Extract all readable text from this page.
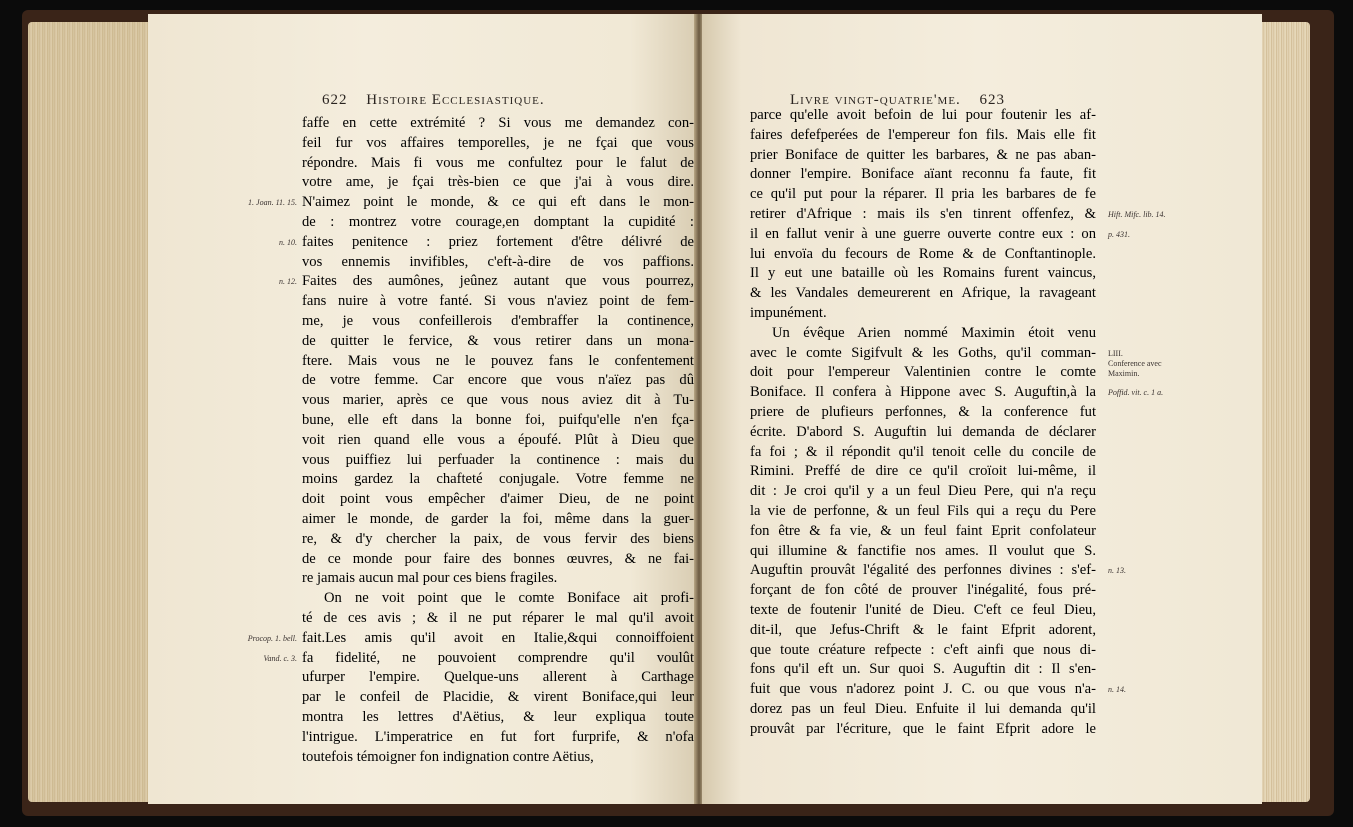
622 Histoire Ecclesiastique.	Livre vingt-quatrie'me. 623
faffe en cette extrémité ? Si vous me demandez con-
feil fur vos affaires temporelles, je ne fçai que vous
répondre. Mais fi vous me confultez pour le falut de
votre ame, je fçai très-bien ce que j'ai à vous dire.
N'aimez point le monde, & ce qui eft dans le mon-
de : montrez votre courage,en domptant la cupidité :
faites penitence : priez fortement d'être délivré de
vos ennemis invifibles, c'eft-à-dire de vos paffions.
Faites des aumônes, jeûnez autant que vous pourrez,
fans nuire à votre fanté. Si vous n'aviez point de fem-
me, je vous confeillerois d'embraffer la continence,
de quitter le fervice, & vous retirer dans un mona-
ftere. Mais vous ne le pouvez fans le confentement
de votre femme. Car encore que vous n'aïez pas dû
vous marier, après ce que vous nous aviez dit à Tu-
bune, elle eft dans la bonne foi, puifqu'elle n'en fça-
voit rien quand elle vous a époufé. Plût à Dieu que
vous puiffiez lui perfuader la continence : mais du
moins gardez la chafteté conjugale. Votre femme ne
doit point vous empêcher d'aimer Dieu, de ne point
aimer le monde, de garder la foi, même dans la guer-
re, & d'y chercher la paix, de vous fervir des biens
de ce monde pour faire des bonnes œuvres, & ne fai-
re jamais aucun mal pour ces biens fragiles.
On ne voit point que le comte Boniface ait profi-
té de ces avis ; & il ne put réparer le mal qu'il avoit
fait.Les amis qu'il avoit en Italie,&qui connoiffoient
fa fidelité, ne pouvoient comprendre qu'il voulût
ufurper l'empire. Quelque-uns allerent à Carthage
par le confeil de Placidie, & virent Boniface,qui leur
montra les lettres d'Aëtius, & leur expliqua toute
l'intrigue. L'imperatrice en fut fort furprife, & n'ofa
toutefois témoigner fon indignation contre Aëtius,
parce qu'elle avoit befoin de lui pour foutenir les af-
faires defefperées de l'empereur fon fils. Mais elle fit
prier Boniface de quitter les barbares, & ne pas aban-
donner l'empire. Boniface aïant reconnu fa faute, fit
ce qu'il put pour la réparer. Il pria les barbares de fe
retirer d'Afrique : mais ils s'en tinrent offenfez, &
il en fallut venir à une guerre ouverte contre eux : on
lui envoïa du fecours de Rome & de Conftantinople.
Il y eut une bataille où les Romains furent vaincus,
& les Vandales demeurerent en Afrique, la ravageant
impunément.
Un évêque Arien nommé Maximin étoit venu
avec le comte Sigifvult & les Goths, qu'il comman-
doit pour l'empereur Valentinien contre le comte
Boniface. Il confera à Hippone avec S. Auguftin,à la
priere de plufieurs perfonnes, & la conference fut
écrite. D'abord S. Auguftin lui demanda de déclarer
fa foi ; & il répondit qu'il tenoit celle du concile de
Rimini. Preffé de dire ce qu'il croïoit lui-même, il
dit : Je croi qu'il y a un feul Dieu Pere, qui n'a reçu
la vie de perfonne, & un feul Fils qui a reçu du Pere
fon être & fa vie, & un feul faint Eprit confolateur
qui illumine & fanctifie nos ames. Il voulut que S.
Auguftin prouvât l'égalité des perfonnes divines : s'ef-
forçant de fon côté de prouver l'inégalité, fous pré-
texte de foutenir l'unité de Dieu. C'eft ce feul Dieu,
dit-il, que Jefus-Chrift & le faint Efprit adorent,
que toute créature refpecte : c'eft ainfi que nous di-
fons qu'il eft un. Sur quoi S. Auguftin dit : Il s'en-
fuit que vous n'adorez point J. C. ou que vous n'a-
dorez pas un feul Dieu. Enfuite il lui demanda qu'il
prouvât par l'écriture, que le faint Efprit adore le
1. Joan. 11. 15.
n. 10.
n. 12.
Procop. 1. bell.
Vand. c. 3.
Hift. Mifc. lib. 14.
p. 431.
LIII.
Conference avec
Maximin.
Poffid. vit. c. 1 a.
n. 13.
n. 14.
